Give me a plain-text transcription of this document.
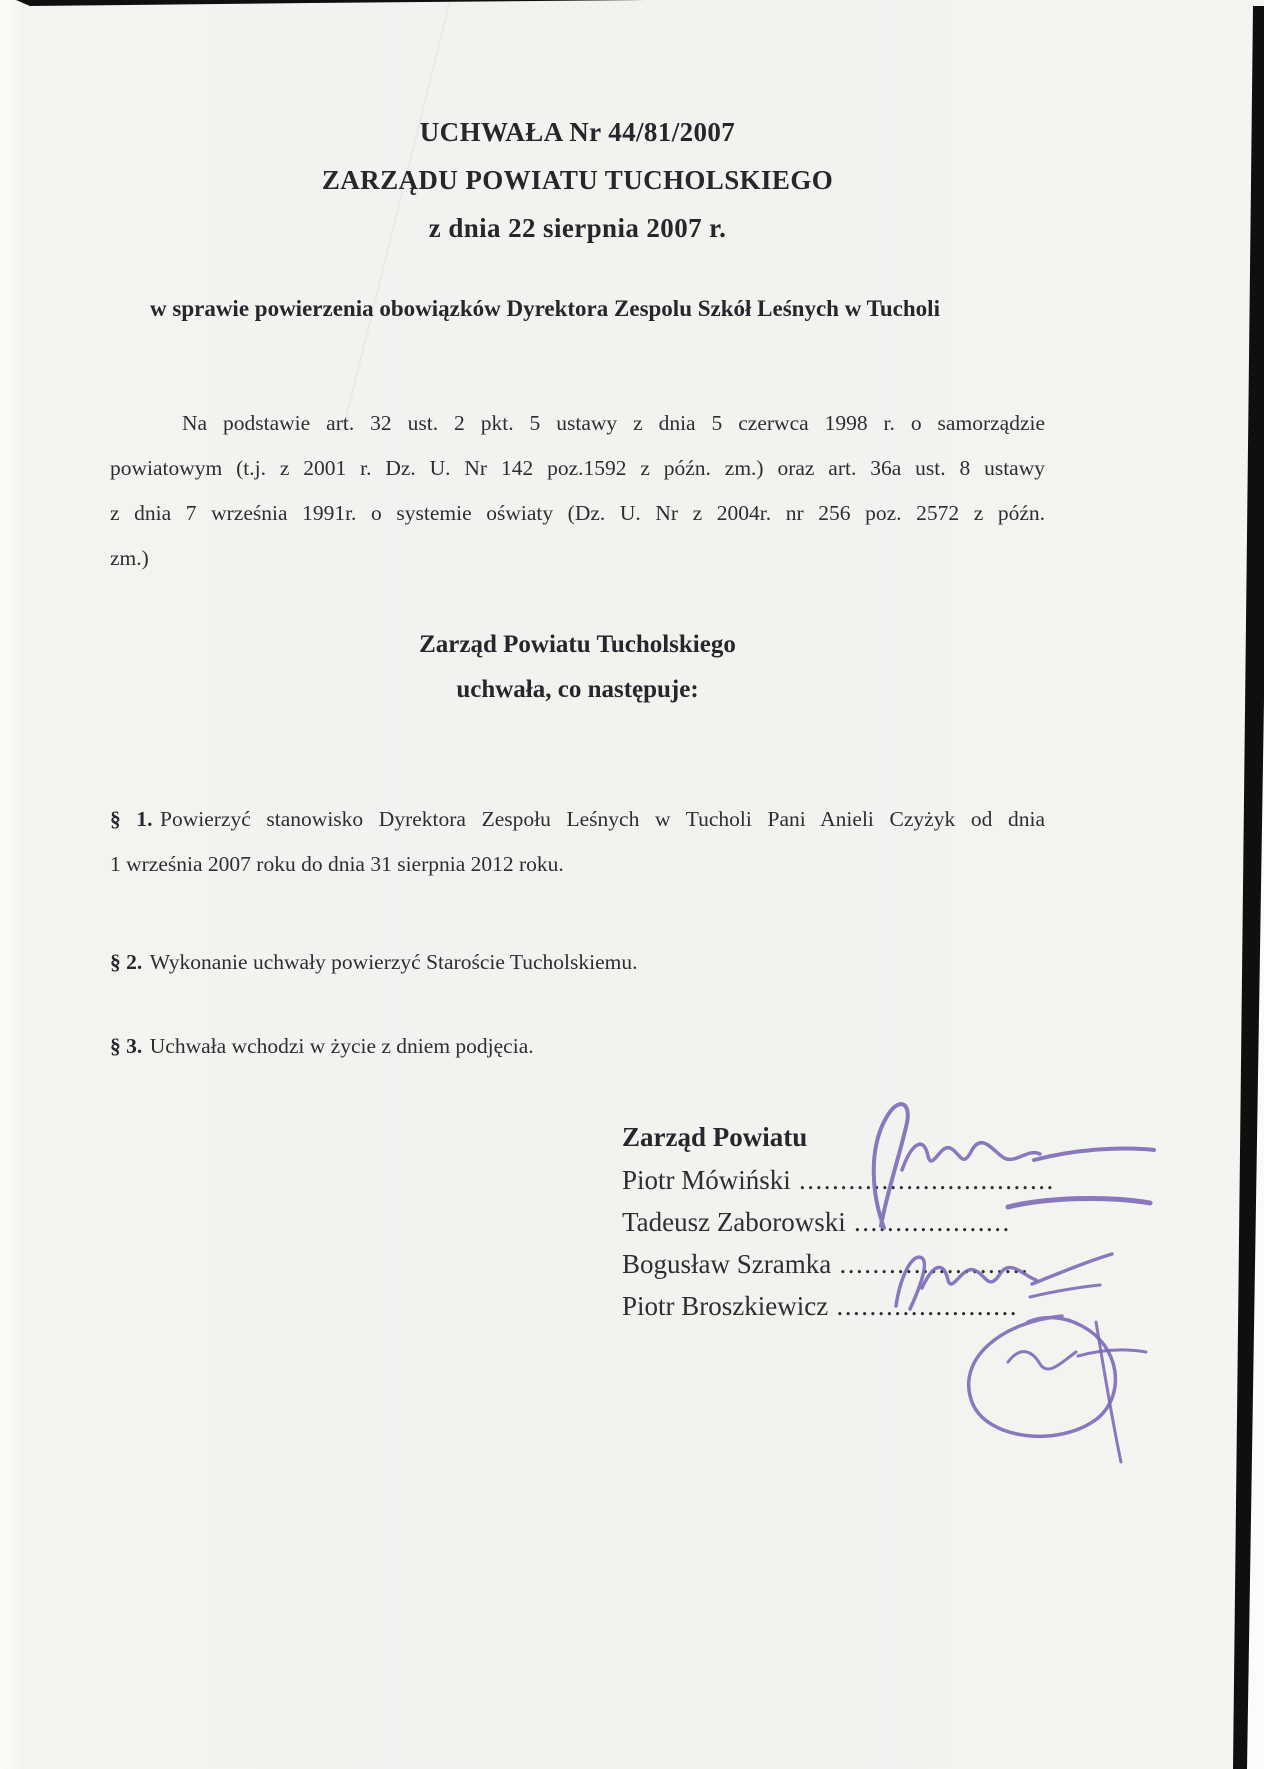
UCHWAŁA Nr 44/81/2007
ZARZĄDU POWIATU TUCHOLSKIEGO
z dnia 22 sierpnia 2007 r.
w sprawie powierzenia obowiązków Dyrektora Zespolu Szkół Leśnych w Tucholi
Na podstawie art. 32 ust. 2 pkt. 5 ustawy z dnia 5 czerwca 1998 r. o samorządzie
powiatowym (t.j. z 2001 r. Dz. U. Nr 142 poz.1592 z późn. zm.) oraz art. 36a ust. 8 ustawy
z dnia 7 września 1991r. o systemie oświaty (Dz. U. Nr z 2004r. nr 256 poz. 2572 z późn.
zm.)
Zarząd Powiatu Tucholskiego
uchwała, co następuje:
§ 1. Powierzyć stanowisko Dyrektora Zespołu Leśnych w Tucholi Pani Anieli Czyżyk od dnia
1 września 2007 roku do dnia 31 sierpnia 2012 roku.
§ 2. Wykonanie uchwały powierzyć Staroście Tucholskiemu.
§ 3. Uchwała wchodzi w życie z dniem podjęcia.
Zarząd Powiatu
Piotr Mówiński ...............................
Tadeusz Zaborowski ...................
Bogusław Szramka .......................
Piotr Broszkiewicz ......................
